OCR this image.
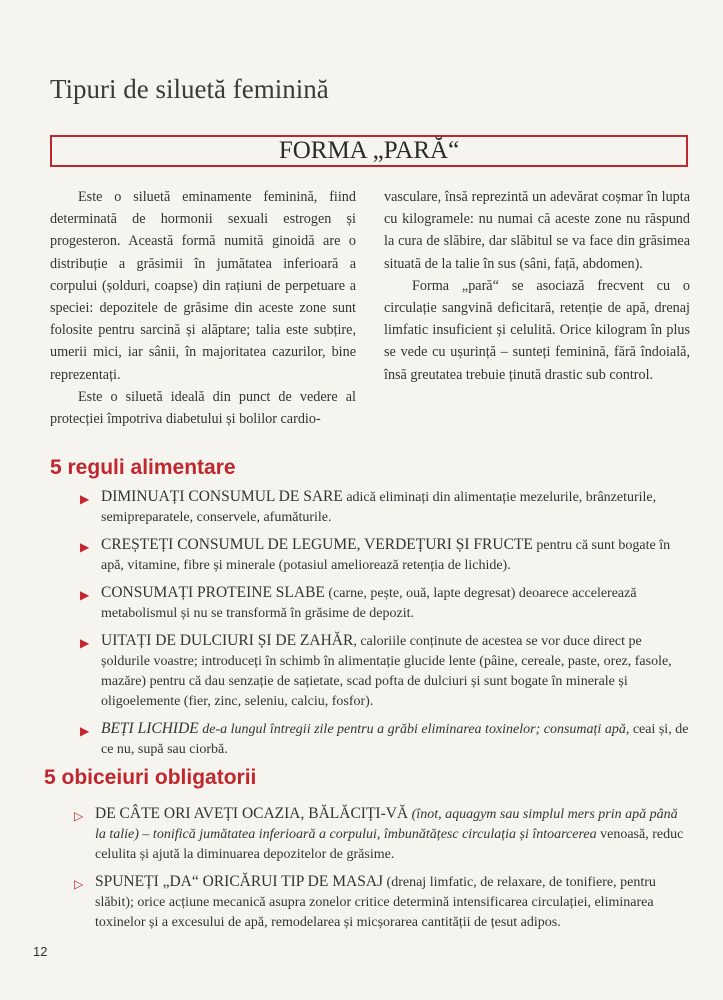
Tipuri de siluetă feminină
FORMA „PARĂ“

Este o siluetă eminamente feminină, fiind determinată de hormonii sexuali estrogen și progesteron. Această formă numită ginoidă are o distribuție a grăsimii în jumătatea inferioară a corpului (șolduri, coapse) din rațiuni de perpetuare a speciei: depozitele de grăsime din aceste zone sunt folosite pentru sarcină și alăptare; talia este subțire, umerii mici, iar sânii, în majoritatea cazurilor, bine reprezentați.

Este o siluetă ideală din punct de vedere al protecției împotriva diabetului și bolilor cardio-

vasculare, însă reprezintă un adevărat coșmar în lupta cu kilogramele: nu numai că aceste zone nu răspund la cura de slăbire, dar slăbitul se va face din grăsimea situată de la talie în sus (sâni, față, abdomen).

Forma „pară“ se asociază frecvent cu o circulație sangvină deficitară, retenție de apă, drenaj limfatic insuficient și celulită. Orice kilogram în plus se vede cu ușurință – sunteți feminină, fără îndoială, însă greutatea trebuie ținută drastic sub control.

5 reguli alimentare
▶ DIMINUAȚI CONSUMUL DE SARE adică eliminați din alimentație mezelurile, brânzeturile, semipreparatele, conservele, afumăturile.
▶ CREȘTEȚI CONSUMUL DE LEGUME, VERDEȚURI ȘI FRUCTE pentru că sunt bogate în apă, vitamine, fibre și minerale (potasiul ameliorează retenția de lichide).
▶ CONSUMAȚI PROTEINE SLABE (carne, pește, ouă, lapte degresat) deoarece accelerează metabolismul și nu se transformă în grăsime de depozit.
▶ UITAȚI DE DULCIURI ȘI DE ZAHĂR, caloriile conținute de acestea se vor duce direct pe șoldurile voastre; introduceți în schimb în alimentație glucide lente (pâine, cereale, paste, orez, fasole, mazăre) pentru că dau senzație de sațietate, scad pofta de dulciuri și sunt bogate în minerale și oligoelemente (fier, zinc, seleniu, calciu, fosfor).
▶ BEȚI LICHIDE de-a lungul întregii zile pentru a grăbi eliminarea toxinelor; consumați apă, ceai și, de ce nu, supă sau ciorbă.
5 obiceiuri obligatorii
▷ DE CÂTE ORI AVEȚI OCAZIA, BĂLĂCIȚI-VĂ (înot, aquagym sau simplul mers prin apă până la talie) – tonifică jumătatea inferioară a corpului, îmbunătățesc circulația și întoarcerea venoasă, reduc celulita și ajută la diminuarea depozitelor de grăsime.
▷ SPUNEȚI „DA“ ORICĂRUI TIP DE MASAJ (drenaj limfatic, de relaxare, de tonifiere, pentru slăbit); orice acțiune mecanică asupra zonelor critice determină intensificarea circulației, eliminarea toxinelor și a excesului de apă, remodelarea și micșorarea cantității de țesut adipos.
12
